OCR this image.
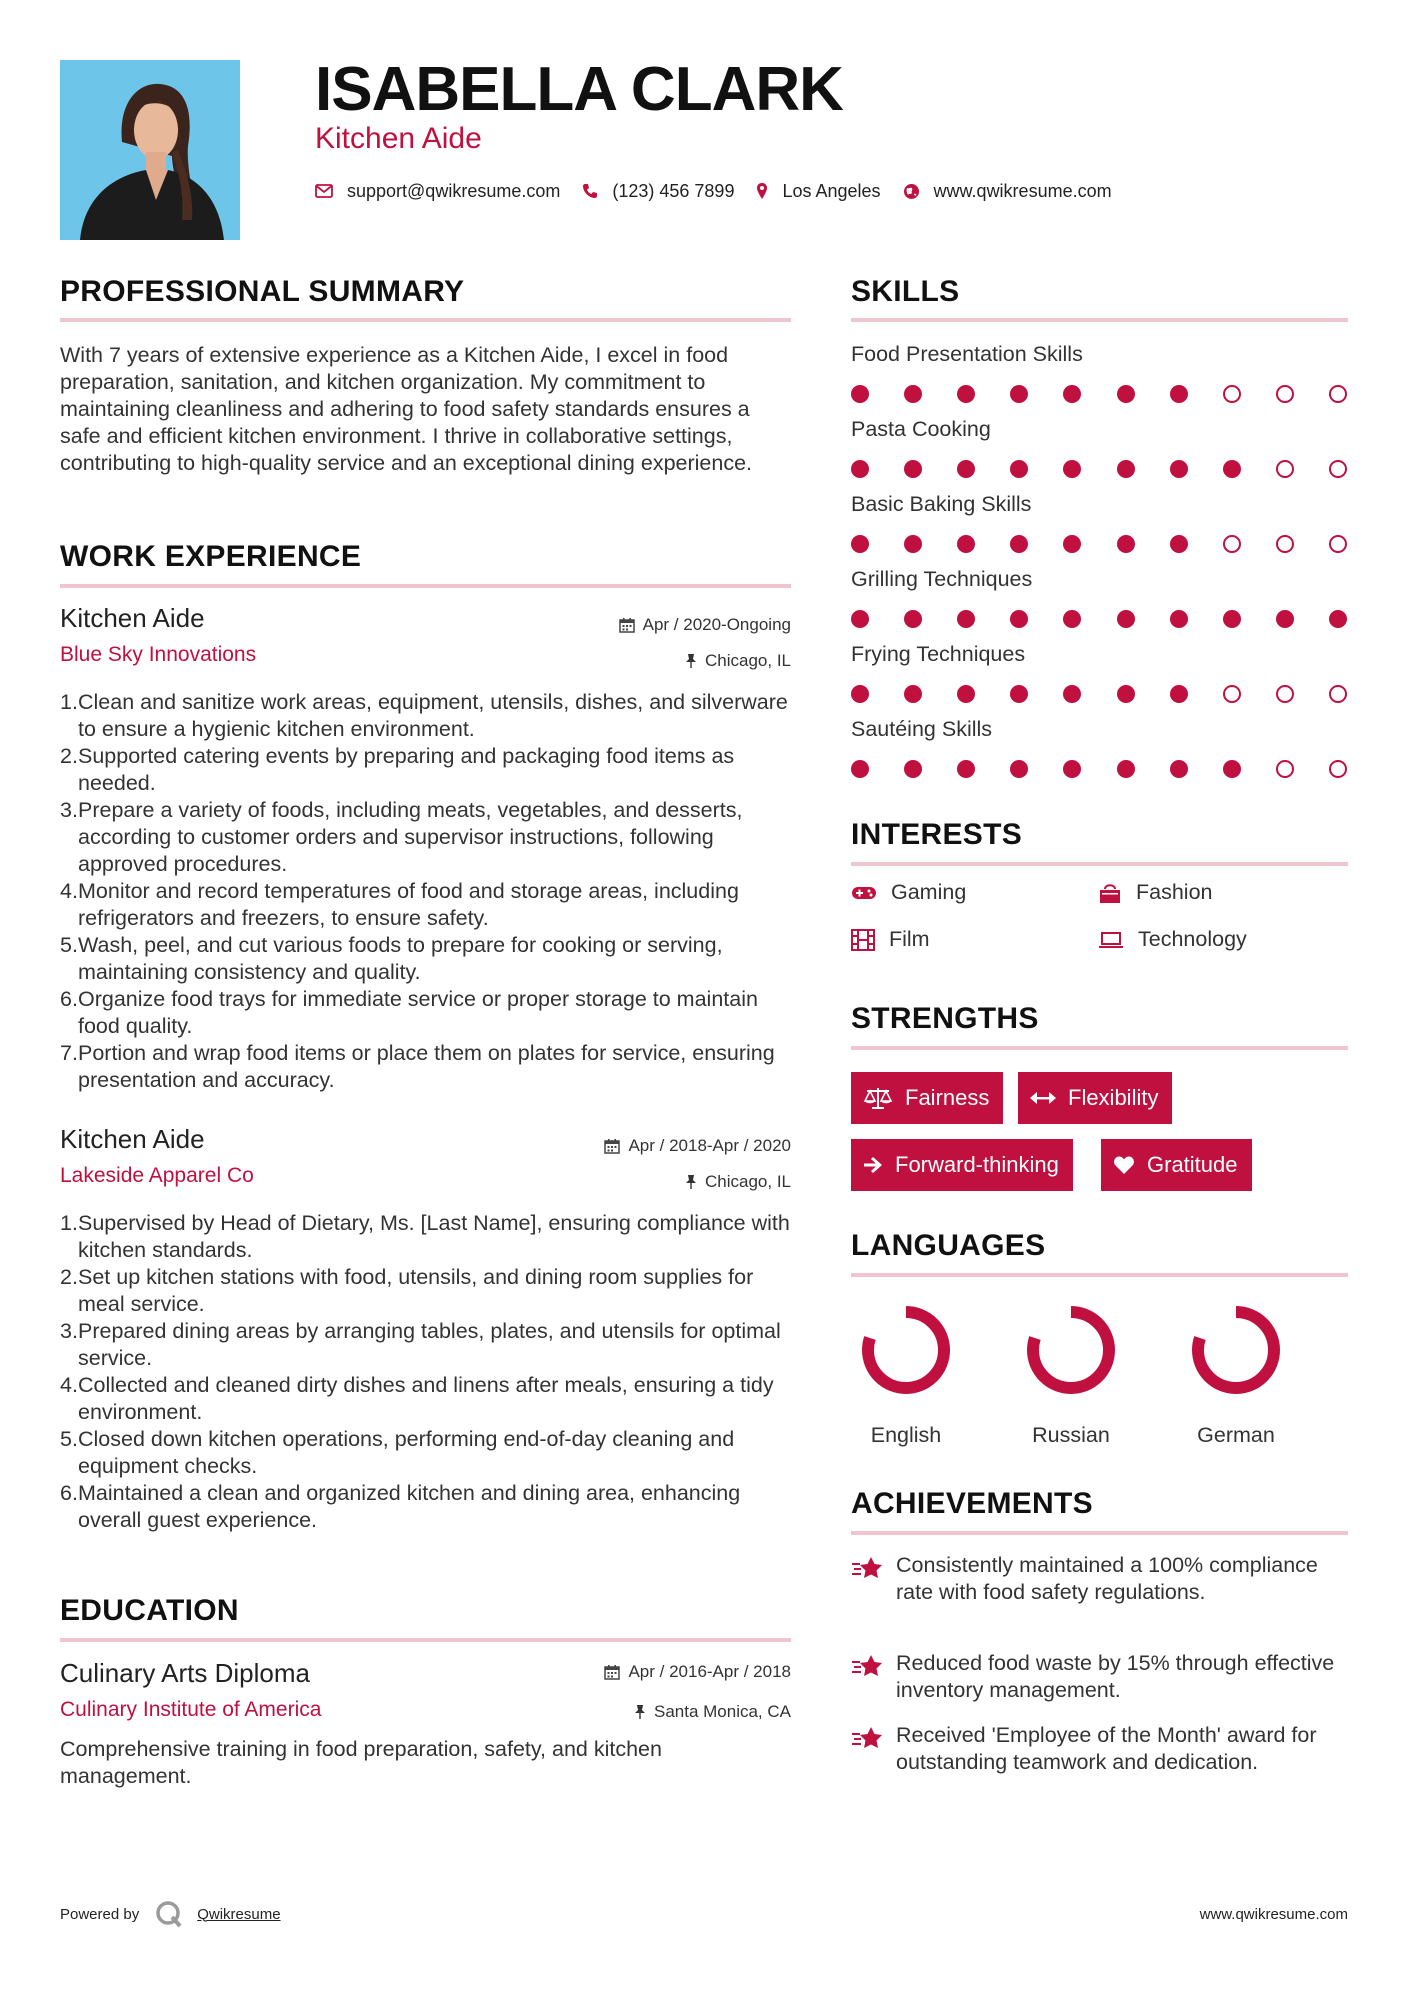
ISABELLA CLARK
Kitchen Aide
support@qwikresume.com	(123) 456 7899	Los Angeles	www.qwikresume.com
PROFESSIONAL SUMMARY
With 7 years of extensive experience as a Kitchen Aide, I excel in food preparation, sanitation, and kitchen organization. My commitment to maintaining cleanliness and adhering to food safety standards ensures a safe and efficient kitchen environment. I thrive in collaborative settings, contributing to high-quality service and an exceptional dining experience.
WORK EXPERIENCE
Kitchen Aide	Apr / 2020-Ongoing
Blue Sky Innovations	Chicago, IL
1. Clean and sanitize work areas, equipment, utensils, dishes, and silverware to ensure a hygienic kitchen environment.
2. Supported catering events by preparing and packaging food items as needed.
3. Prepare a variety of foods, including meats, vegetables, and desserts, according to customer orders and supervisor instructions, following approved procedures.
4. Monitor and record temperatures of food and storage areas, including refrigerators and freezers, to ensure safety.
5. Wash, peel, and cut various foods to prepare for cooking or serving, maintaining consistency and quality.
6. Organize food trays for immediate service or proper storage to maintain food quality.
7. Portion and wrap food items or place them on plates for service, ensuring presentation and accuracy.
Kitchen Aide	Apr / 2018-Apr / 2020
Lakeside Apparel Co	Chicago, IL
1. Supervised by Head of Dietary, Ms. [Last Name], ensuring compliance with kitchen standards.
2. Set up kitchen stations with food, utensils, and dining room supplies for meal service.
3. Prepared dining areas by arranging tables, plates, and utensils for optimal service.
4. Collected and cleaned dirty dishes and linens after meals, ensuring a tidy environment.
5. Closed down kitchen operations, performing end-of-day cleaning and equipment checks.
6. Maintained a clean and organized kitchen and dining area, enhancing overall guest experience.
EDUCATION
Culinary Arts Diploma	Apr / 2016-Apr / 2018
Culinary Institute of America	Santa Monica, CA
Comprehensive training in food preparation, safety, and kitchen management.
SKILLS
Food Presentation Skills
Pasta Cooking
Basic Baking Skills
Grilling Techniques
Frying Techniques
Sautéing Skills
INTERESTS
Gaming	Fashion
Film	Technology
STRENGTHS
Fairness	Flexibility
Forward-thinking	Gratitude
LANGUAGES
English	Russian	German
ACHIEVEMENTS
Consistently maintained a 100% compliance rate with food safety regulations.
Reduced food waste by 15% through effective inventory management.
Received 'Employee of the Month' award for outstanding teamwork and dedication.
Powered by	Qwikresume	www.qwikresume.com
